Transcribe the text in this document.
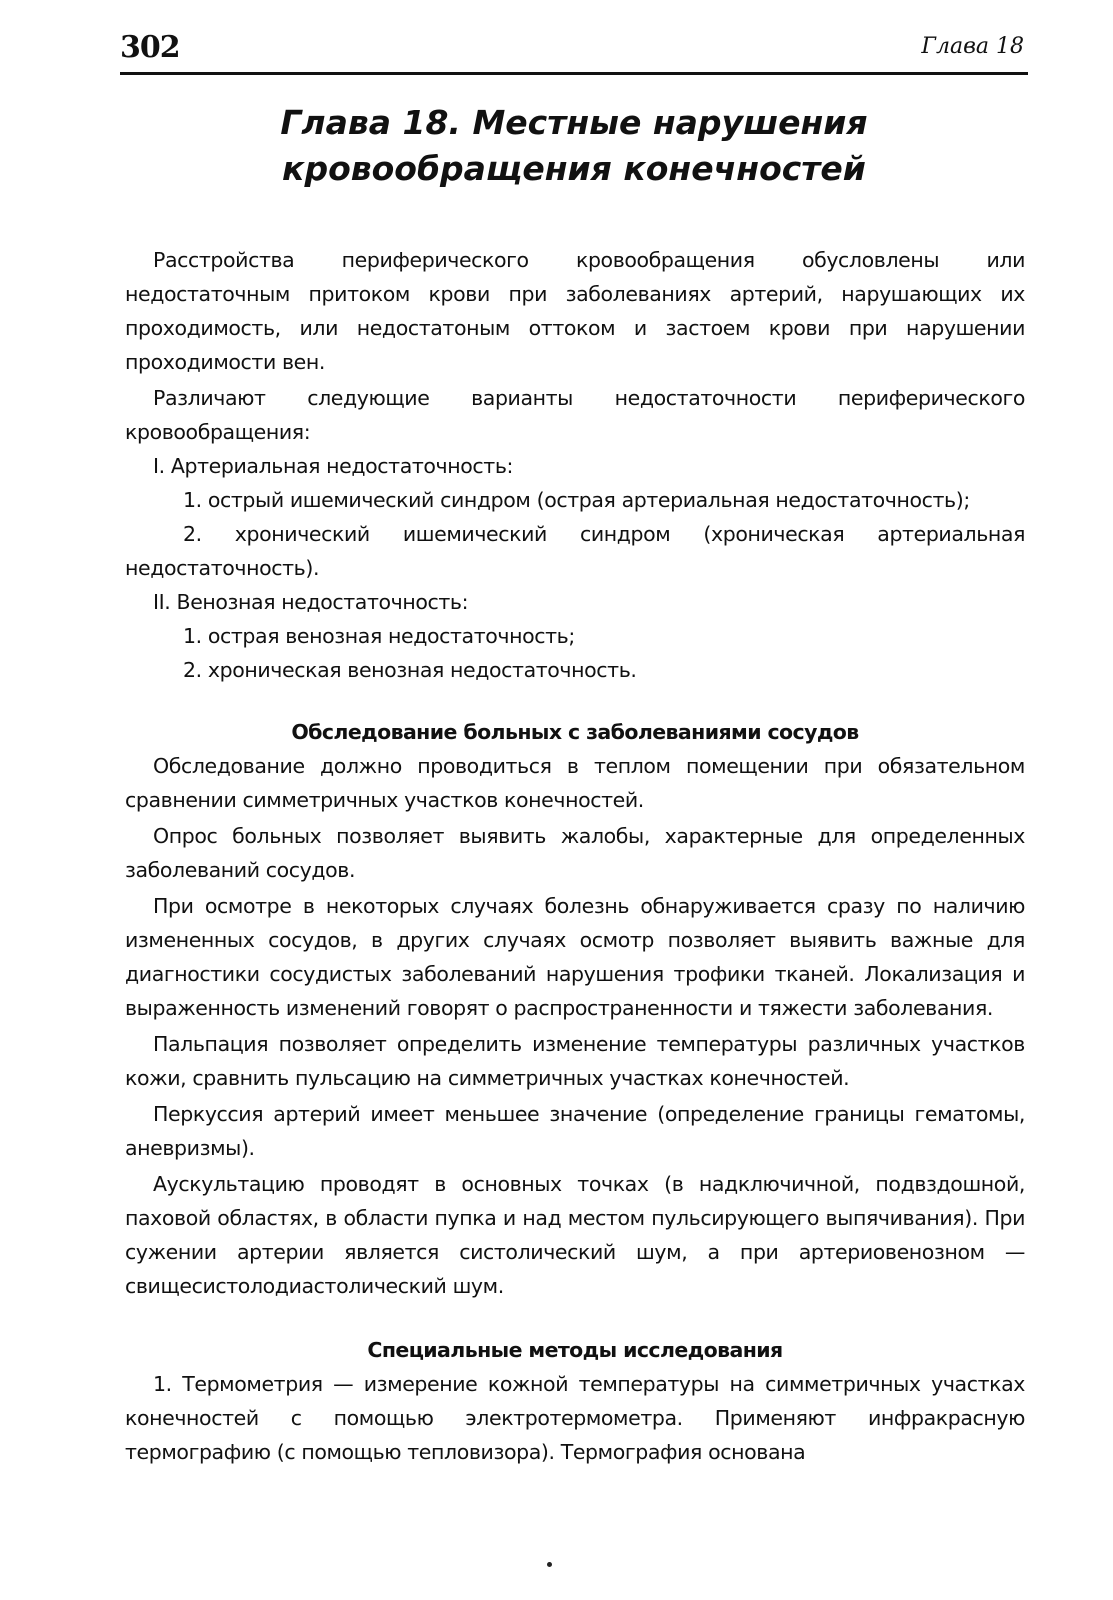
302	Глава 18
Глава 18. Местные нарушения
кровообращения конечностей

Расстройства периферического кровообращения обусловлены или недостаточным притоком крови при заболеваниях артерий, нарушающих их проходимость, или недостатоным оттоком и застоем крови при нарушении проходимости вен.

Различают следующие варианты недостаточности периферического кровообращения:

I. Артериальная недостаточность:

1. острый ишемический синдром (острая артериальная недостаточность);

2. хронический ишемический синдром (хроническая артериальная недостаточность).

II. Венозная недостаточность:

1. острая венозная недостаточность;

2. хроническая венозная недостаточность.

Обследование больных с заболеваниями сосудов

Обследование должно проводиться в теплом помещении при обязательном сравнении симметричных участков конечностей.

Опрос больных позволяет выявить жалобы, характерные для определенных заболеваний сосудов.

При осмотре в некоторых случаях болезнь обнаруживается сразу по наличию измененных сосудов, в других случаях осмотр позволяет выявить важные для диагностики сосудистых заболеваний нарушения трофики тканей. Локализация и выраженность изменений говорят о распространенности и тяжести заболевания.

Пальпация позволяет определить изменение температуры различных участков кожи, сравнить пульсацию на симметричных участках конечностей.

Перкуссия артерий имеет меньшее значение (определение границы гематомы, аневризмы).

Аускультацию проводят в основных точках (в надключичной, подвздошной, паховой областях, в области пупка и над местом пульсирующего выпячивания). При сужении артерии является систолический шум, а при артериовенозном — свищесистолодиастолический шум.

Специальные методы исследования

1. Термометрия — измерение кожной температуры на симметричных участках конечностей с помощью электротермометра. Применяют инфракрасную термографию (с помощью тепловизора). Термография основана
